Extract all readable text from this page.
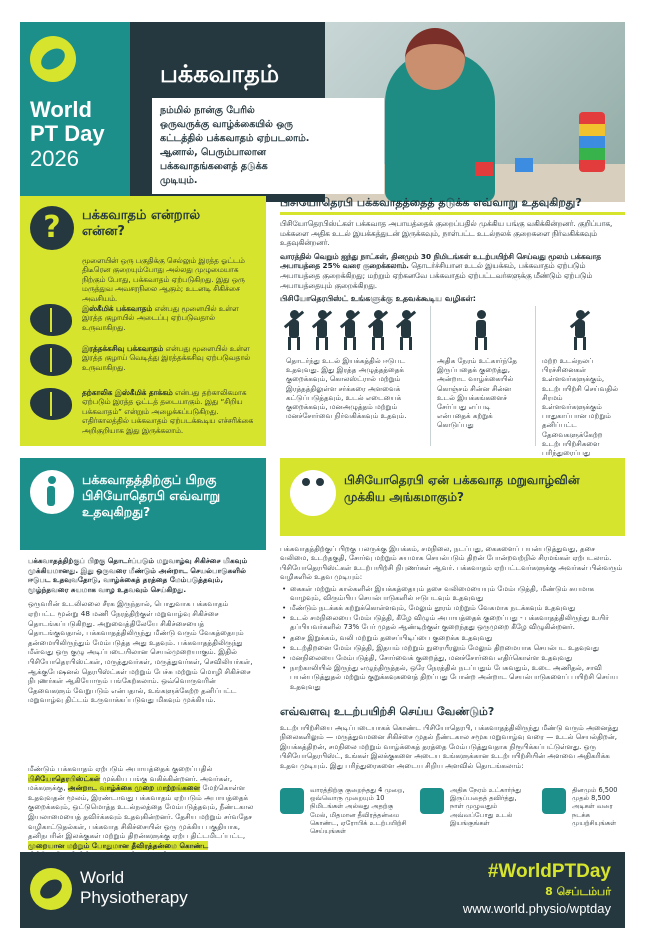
World
PT Day
2026
பக்கவாதம்
நம்மில் நான்கு பேரில்
ஒருவருக்கு வாழ்க்கையில் ஒரு
கட்டத்தில் பக்கவாதம் ஏற்படலாம்.
ஆனால், பெரும்பாலான
பக்கவாதங்களைத் தடுக்க
முடியும்.
?	பக்கவாதம் என்றால் என்ன?
மூளையின் ஒரு பகுதிக்கு செல்லும் இரத்த ஓட்டம் திடீரென குறையும்போது அல்லது முழுமையாக நிற்கும் போது, பக்கவாதம் ஏற்படுகிறது. இது ஒரு மருத்துவ அவசரநிலை ஆகும்; உடனடி சிகிச்சை அவசியம்.
இஸ்கீமிக் பக்கவாதம் என்பது மூளையில் உள்ள இரத்த குழாயில் அடைப்பு ஏற்படுவதால் உருவாகிறது.
இரத்தக்கசிவு பக்கவாதம் என்பது மூளையில் உள்ள இரத்த குழாய் வெடித்து இரத்தக்கசிவு ஏற்படுவதால் உருவாகிறது.
தற்காலிக இஸ்கீமிக் தாக்கம் என்பது தற்காலிகமாக ஏற்படும் இரத்த ஓட்டத் தடையாகும். இது “சிறிய பக்கவாதம்” என்றும் அழைக்கப்படுகிறது. எதிர்காலத்தில் பக்கவாதம் ஏற்படக்கூடிய எச்சரிக்கை அறிகுறியாக இது இருக்கலாம்.
பிசியோதெரபி பக்கவாதத்தைத் தடுக்க எவ்வாறு உதவுகிறது?
பிசியோதெரபிஸ்ட்கள் பக்கவாத அபாயத்தைக் குறைப்பதில் முக்கிய பங்கு வகிக்கின்றனர். குறிப்பாக, மக்களை அதிக உடல் இயக்கத்துடன் இருக்கவும், நாள்பட்ட உடல்நலக் குறைகளை நிர்வகிக்கவும் உதவுகின்றனர்.
வாரத்தில் வெறும் ஐந்து நாட்கள், தினமும் 30 நிமிடங்கள் உடற்பயிற்சி செய்வது மூலம் பக்கவாத அபாயத்தை 25% வரை குறைக்கலாம். தொடர்ச்சியான உடல் இயக்கம், பக்கவாதம் ஏற்படும் அபாயத்தை குறைக்கிறது; மற்றும் ஏற்கனவே பக்கவாதம் ஏற்பட்டவர்களுக்கு மீண்டும் ஏற்படும் அபாயத்தையும் குறைக்கிறது.
பிசியோதெரபிஸ்ட் உங்களுக்கு உதவக்கூடிய வழிகள்:
தொடர்ந்து உடல் இயக்கத்தில் ஈடுபட உதவுவது. இது இரத்த அழுத்தத்தைக் குறைக்கவும், கொலஸ்ட்ரால் மற்றும் இரத்தத்திலுள்ள சர்க்கரை அளவைக் கட்டுப்படுத்தவும், உடல் எடையைக் குறைக்கவும், மனஅழுத்தம் மற்றும் மனச்சோர்வை நிர்வகிக்கவும் உதவும்.
அதிக நேரம் உட்கார்ந்தே இருப்பதைக் குறைத்து, அன்றாட வாழ்க்கையில் கொஞ்சம் சின்ன சின்ன உடல் இயக்கங்களைச் சேர்ப்பது எப்படி என்பதைக் கற்றுக் கொடுப்பது
மற்ற உடல்நலப் பிரச்சினைகள் உள்ளவர்களுக்கும், உடற்பயிற்சி செய்வதில் சிரமம் உள்ளவர்களுக்கும் பாதுகாப்பான மற்றும் தனிப்பட்ட தேவைகளுக்கேற்ற உடற்பயிற்சிகளை பரிந்துரைப்பது
பக்கவாதத்திற்குப் பிறகு பிசியோதெரபி எவ்வாறு உதவுகிறது?

பக்கவாதத்திற்குப் பிறகு தொடர்ப்படும் மறுவாழ்வு சிகிச்சை மிகவும் முக்கியமானது. இது ஒருவரை மீண்டும் அன்றாட செயல்பாடுகளில் ஈடுபட உதவுவதோடு, வாழ்க்கைத் தரத்தை மேம்படுத்தவும், மூழ்ந்தவரை சுயமாக வாழ உதவவும் செய்கிறது.

ஒருவரின் உடலிலலை சீரக இருந்தால், பொதுவாக பக்கவாதம் ஏற்பட்ட மூன்று 48 மணி நேரத்திற்குள் மறுவாழ்வு சிகிச்சை தொடங்கப்படுகிறது. அறுவைத்திலேயே சிகிச்சையைத் தொடங்குவதால், பக்கவாதத்திலிருந்து மீண்டு வரும் வேகத்தையும் தன்மையிலிருந்தும் மேம்படுத்த அது உதவும். பக்கவாதத்திலிருந்து மீள்வது ஒரு குழு அடிப்படையிலான செயல்முறையாகும். இதில் பிசியோதெரபிஸ்ட்கள், மருத்துவர்கள், மருத்துவர்கள், செவிலியர்கள், ஆக்குபேஷனல் தெரபிஸ்ட்கள் மற்றும் பேச்சு மற்றும் மொழி சிகிச்சை நிபுணர்கள் ஆகியோரும் பங்கேற்கலாம். ஒவ்வொருவரின் தேவைகளும் வேறுபடும் என்பதால், உங்களுக்கேற்ற தனிப்பட்ட மறுவாழ்வு திட்டம் உருவாக்கப்படுவது மிகவும் முக்கியம்.

மீண்டும் பக்கவாதம் ஏற்படும் அபாயத்தைக் குறைப்பதில் பிசியோதெரபிஸ்ட்கள் முக்கிய பங்கு வகிக்கின்றனர். அவர்கள், மக்களுக்கு, அன்றாட வாழ்க்கை முறை மாற்றங்களை மேற்கொள்ள உதவுவதன் மூலம், இரண்டாவது பக்கவாதம் ஏற்படும் அபாயத்தைக் குறைக்கவும், ஒட்டுமொத்த உடல்நலத்தை மேம்படுத்தவும், நீண்டகால இயலாமையைத் தவிர்க்கவும் உதவுகின்றனர். தேசிய மற்றும் சர்வதேச வழிகாட்டுதல்கள், பக்கவாத சிகிச்சையின் ஒரு முக்கிய பகுதியாக, தனிநபரின் இலக்குகள் மற்றும் திறன்களுக்கு ஏற்ப திட்டமிடப்பட்ட, முறையான மற்றும் போதுமான தீவிரத்தன்மை கொண்ட

பிசியோதெரபி ஏன் பக்கவாத மறுவாழ்வின் முக்கிய அங்கமாகும்?
பக்கவாதத்திற்குப் பிறகு பலருக்கு இயக்கம், சமநிலை, நடப்பது, கைகளைப் பயன்படுத்துவது, தசை வலிமை, உடற்தகுதி, சோர்வு மற்றும் சுயமாக செயல்படும் திறன் போன்றவற்றில் சிரமங்கள் ஏற்படலாம்.
பிசியோதெரபிஸ்ட்கள் உடற்பயிற்சி நிபுணர்கள் ஆவர். பக்கவாதம் ஏற்பட்டவர்களுக்கு அவர்கள் பின்வரும் வழிகளில் உதவ முடியும்:
• கைகள் மற்றும் கால்களின் இயக்கத்தையும் தசை வலிமையையும் மேம்படுத்தி, மீண்டும் சுயமாக வாழவும், விரும்பிய செயல்பாடுகளில் ஈடுபடவும் உதவுவது
• மீண்டும் நடக்கக் கற்றுக்கொள்ளவும், மேலும் தூரம் மற்றும் வேகமாக நடக்கவும் உதவுவது
• உடல் சமநிலையை மேம்படுத்தி, கீழே விழும் அபாயத்தைக் குறைப்பது - பக்கவாதத்திலிருந்து உயிர் தப்பியவர்களில் 73% பேர் முதல் ஆண்டிற்குள் குறைந்தது ஒருமுறை கீழே விழுகின்றனர்.
• தசை இறுக்கம், வலி மற்றும் தசைப்பிடிப்பை குறைக்க உதவுவது
• உடற்திறனை மேம்படுத்தி, இதயம் மற்றும் நுரையீரலும் மேலும் திறமையாக செயல்பட உதவுவது
• மனநிலையை மேம்படுத்தி, சோர்வைக் குறைத்து, மனச்சோர்வை எதிர்கொள்ள உதவுவது
• நாற்காலியில் இருந்து எழுந்திருத்தல், ஒரே நேரத்தில் நடப்பதும் பேசுவதும், உடை அணிதல், சாவி பயன்படுத்துதல் மற்றும் குறுக்கவுகளைத் திறப்பது போன்ற அன்றாட செயல்பாடுகளைப் பயிற்சி செய்ய உதவுவது
எவ்வளவு உடற்பயிற்சி செய்ய வேண்டும்?
உடற்பயிற்சியை அடிப்படையாகக் கொண்ட பிசியோதெரபி, பக்கவாதத்திலிருந்து மீண்டு வரும் அனைத்து நிலைகளிலும் — மருத்துவமனை சிகிச்சை முதல் நீண்டகால சமூக மறுவாழ்வு வரை — உடல் செயல்திறன், இயக்கத்திறன், சமநிலை மற்றும் வாழ்க்கைத் தரத்தை மேம்படுத்துவதாக நிரூபிக்கப்பட்டுள்ளது. ஒரு பிசியோதெரபிஸ்ட், உங்கள் இலக்குகளை அடைய உங்களுக்கான உடற்பயிற்சியின் அளவை அதிகரிக்க உதவ முடியும். இது பரிந்துரைகளை அடைய சிறிய அளவில் தொடங்கலாம்:
வாரத்திற்கு குறைந்தது 4 முறை, ஒவ்வொரு முறையும் 10 நிமிடங்கள் அல்லது அதற்கு மேல், மிதமான தீவிரத்தன்மை கொண்ட, ஏரோபிக் உடற்பயிற்சி செய்யுங்கள்
அதிக நேரம் உட்கார்ந்து இருப்பதைத் தவிர்த்து, நாள் முழுவதும் அவ்வப்போது உடல் இயங்குங்கள்
தினமும் 6,500 முதல் 8,500 அடிகள் வரை நடக்க முயற்சியுங்கள்
World
Physiotherapy
#WorldPTDay
8 செப்டம்பர்
www.world.physio/wptday
